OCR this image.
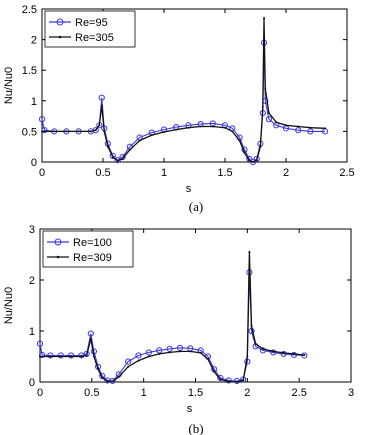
0	0.5	1	1.5	2	2.5
0
0.5
1
1.5
2
2.5
s
Nu/Nu0
(a)
Re=95
Re=305
0	0.5	1	1.5	2	2.5	3
0
1
2
3
s
Nu/Nu0
(b)
Re=100
Re=309
